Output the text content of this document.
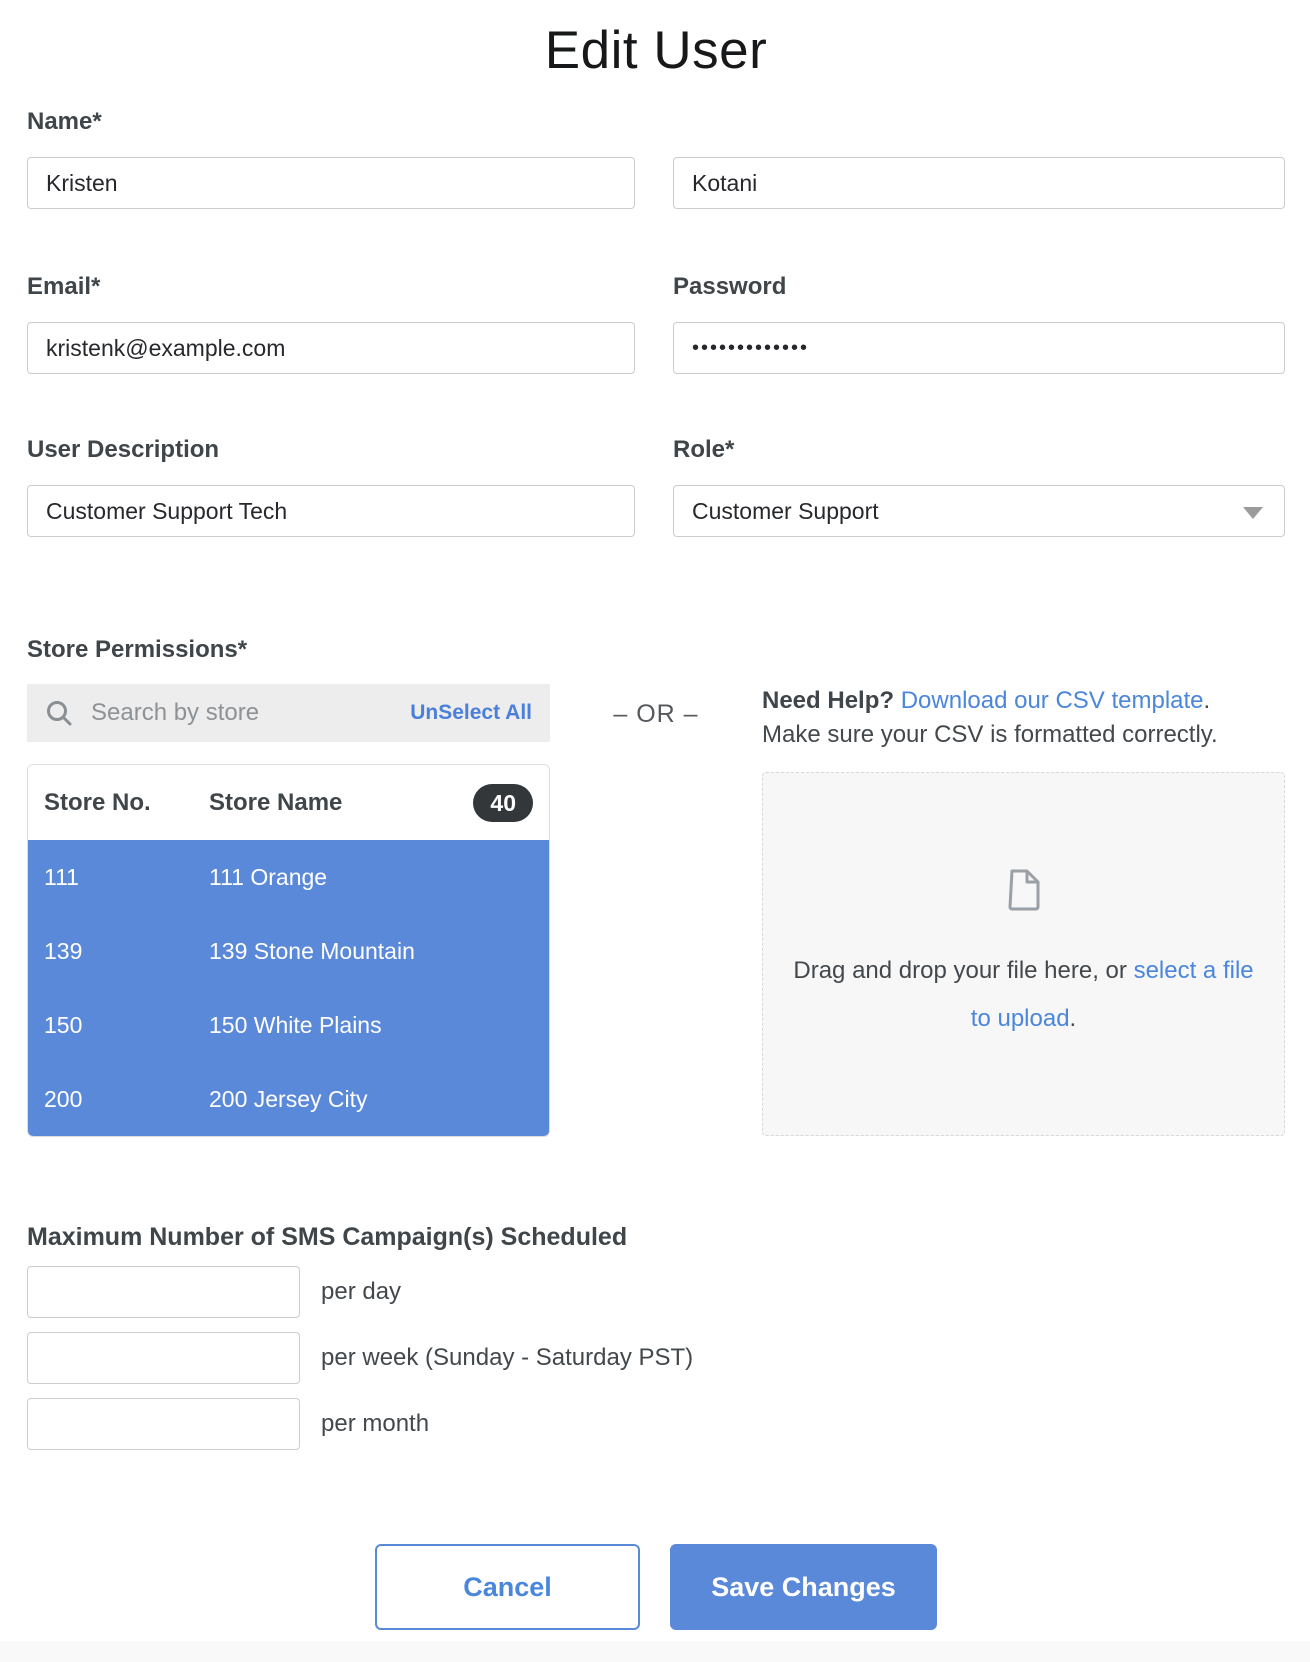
Edit User
Name*
Kristen
Kotani
Email*
kristenk@example.com	Password
•••••••••••••
User Description
Customer Support Tech	Role*
Customer Support
Store Permissions*
Search by store
UnSelect All
Store No.	Store Name	40
111	111 Orange
139	139 Stone Mountain
150	150 White Plains
200	200 Jersey City
– OR –	Need Help? Download our CSV template.
Make sure your CSV is formatted correctly.
Drag and drop your file here, or select a file to upload.
Maximum Number of SMS Campaign(s) Scheduled
per day
per week (Sunday - Saturday PST)
per month
Cancel	Save Changes
